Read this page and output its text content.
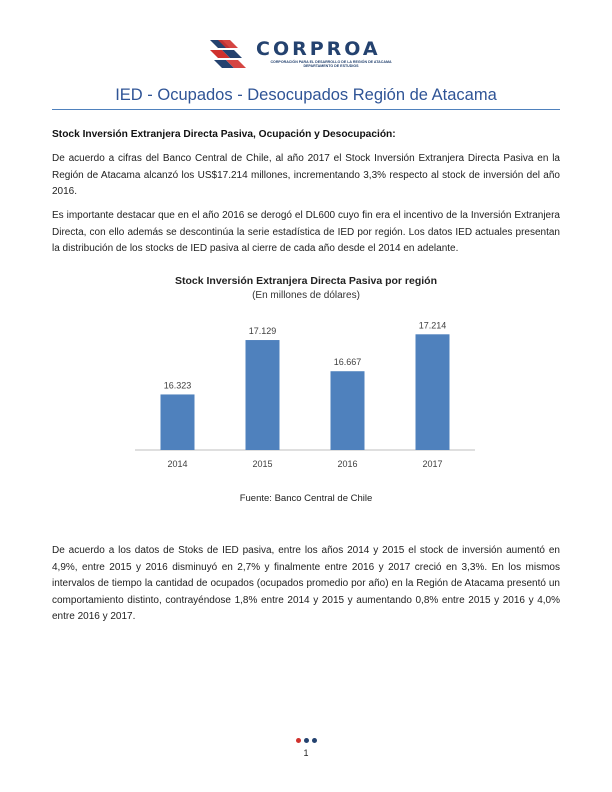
CORPROA
CORPORACIÓN PARA EL DESARROLLO DE LA REGIÓN DE ATACAMA DEPARTAMENTO DE ESTUDIOS
IED - Ocupados - Desocupados Región de Atacama
Stock Inversión Extranjera Directa Pasiva, Ocupación y Desocupación:

De acuerdo a cifras del Banco Central de Chile, al año 2017 el Stock Inversión Extranjera Directa Pasiva en la Región de Atacama alcanzó los US$17.214 millones, incrementando 3,3% respecto al stock de inversión del año 2016.

Es importante destacar que en el año 2016 se derogó el DL600 cuyo fin era el incentivo de la Inversión Extranjera Directa, con ello además se descontinúa la serie estadística de IED por región. Los datos IED actuales presentan la distribución de los stocks de IED pasiva al cierre de cada año desde el 2014 en adelante.

Stock Inversión Extranjera Directa Pasiva por región
(En millones de dólares)
16.323
2014
17.129
2015
16.667
2016
17.214
2017
Fuente: Banco Central de Chile

De acuerdo a los datos de Stoks de IED pasiva, entre los años 2014 y 2015 el stock de inversión aumentó en 4,9%, entre 2015 y 2016 disminuyó en 2,7% y finalmente entre 2016 y 2017 creció en 3,3%. En los mismos intervalos de tiempo la cantidad de ocupados (ocupados promedio por año) en la Región de Atacama presentó un comportamiento distinto, contrayéndose 1,8% entre 2014 y 2015 y aumentando 0,8% entre 2015 y 2016 y 4,0% entre 2016 y 2017.

1
